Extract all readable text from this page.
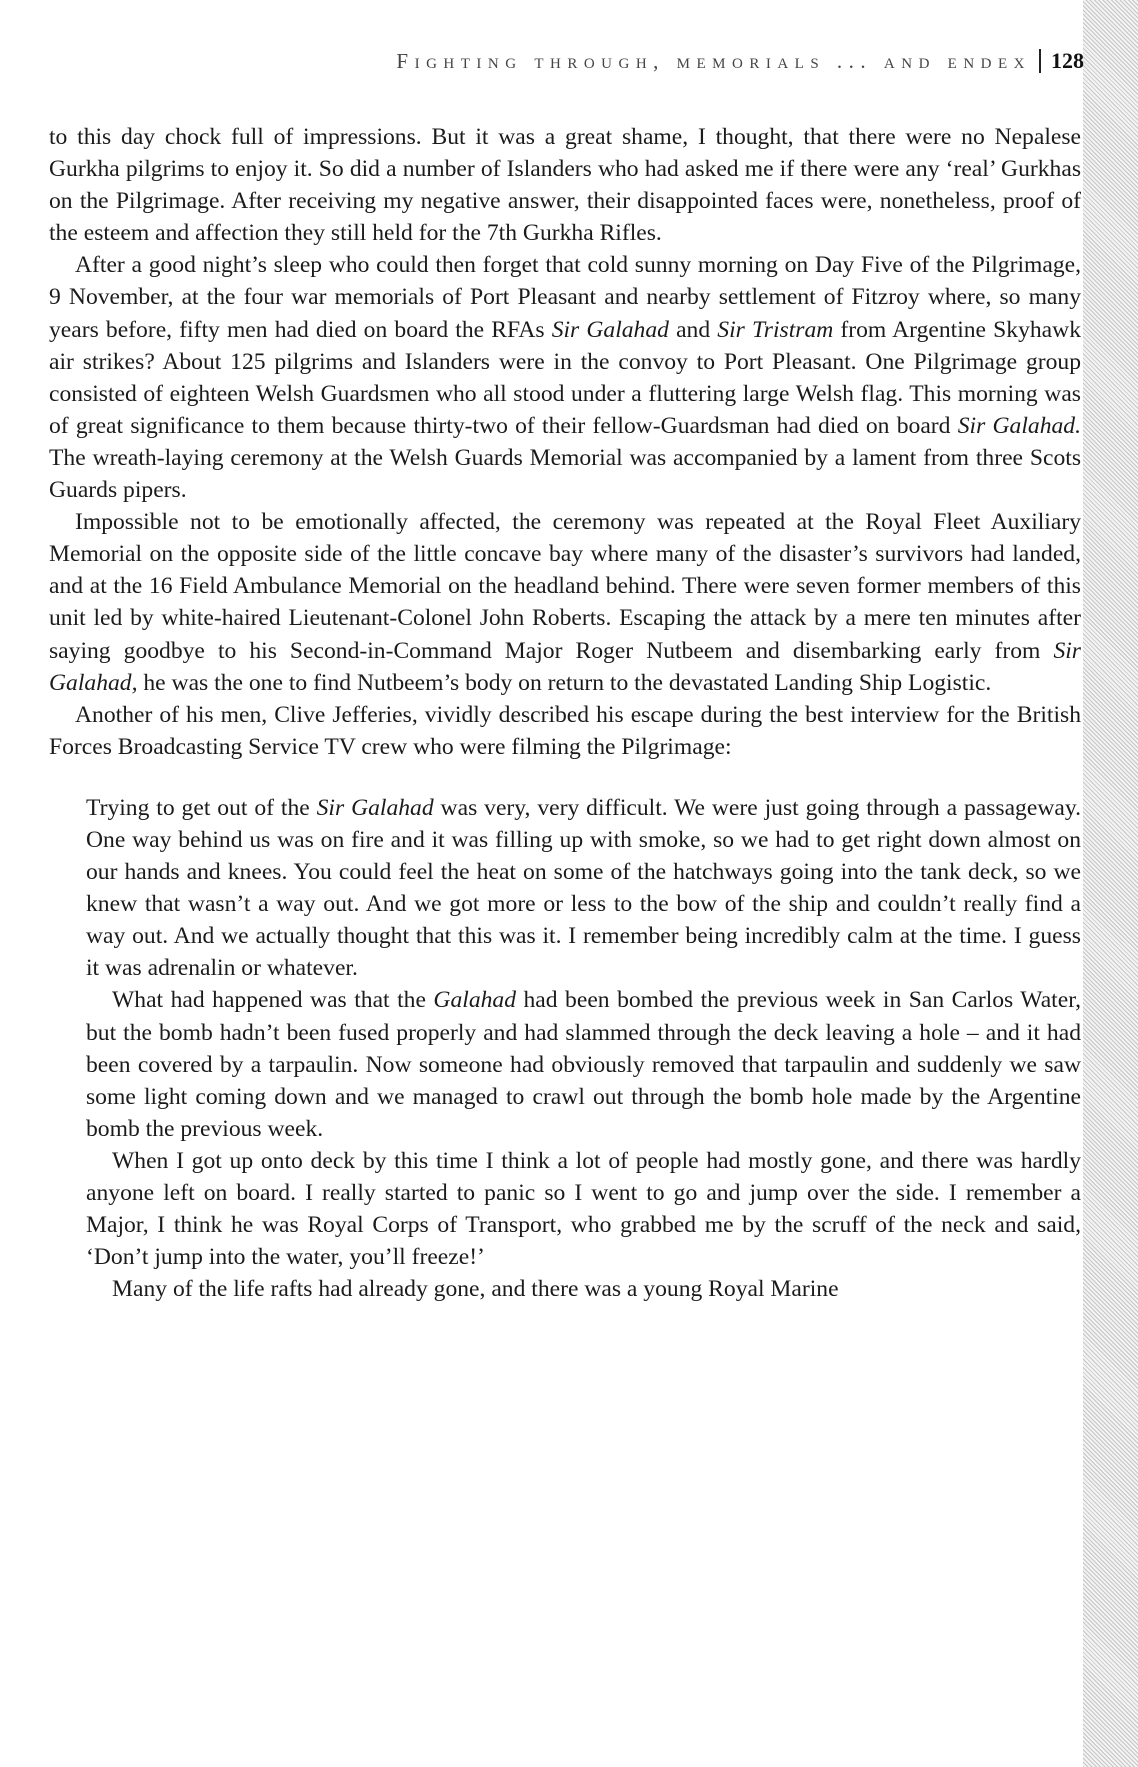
Fighting through, memorials ... and endex 128

to this day chock full of impressions. But it was a great shame, I thought, that there were no Nepalese Gurkha pilgrims to enjoy it. So did a number of Islanders who had asked me if there were any ‘real’ Gurkhas on the Pilgrimage. After receiving my negative answer, their disappointed faces were, nonetheless, proof of the esteem and affection they still held for the 7th Gurkha Rifles.

After a good night’s sleep who could then forget that cold sunny morning on Day Five of the Pilgrimage, 9 November, at the four war memorials of Port Pleasant and nearby settlement of Fitzroy where, so many years before, fifty men had died on board the RFAs Sir Galahad and Sir Tristram from Argentine Skyhawk air strikes? About 125 pilgrims and Islanders were in the convoy to Port Pleasant. One Pilgrimage group consisted of eighteen Welsh Guardsmen who all stood under a fluttering large Welsh flag. This morning was of great significance to them because thirty-two of their fellow-Guardsman had died on board Sir Galahad. The wreath-laying ceremony at the Welsh Guards Memorial was accompanied by a lament from three Scots Guards pipers.

Impossible not to be emotionally affected, the ceremony was repeated at the Royal Fleet Auxiliary Memorial on the opposite side of the little concave bay where many of the disaster’s survivors had landed, and at the 16 Field Ambulance Memorial on the headland behind. There were seven former members of this unit led by white-haired Lieutenant-Colonel John Roberts. Escaping the attack by a mere ten minutes after saying goodbye to his Second-in-Command Major Roger Nutbeem and disembarking early from Sir Galahad, he was the one to find Nutbeem’s body on return to the devastated Landing Ship Logistic.

Another of his men, Clive Jefferies, vividly described his escape during the best interview for the British Forces Broadcasting Service TV crew who were filming the Pilgrimage:

Trying to get out of the Sir Galahad was very, very difficult. We were just going through a passageway. One way behind us was on fire and it was filling up with smoke, so we had to get right down almost on our hands and knees. You could feel the heat on some of the hatchways going into the tank deck, so we knew that wasn’t a way out. And we got more or less to the bow of the ship and couldn’t really find a way out. And we actually thought that this was it. I remember being incredibly calm at the time. I guess it was adrenalin or whatever.

What had happened was that the Galahad had been bombed the previous week in San Carlos Water, but the bomb hadn’t been fused properly and had slammed through the deck leaving a hole – and it had been covered by a tarpaulin. Now someone had obviously removed that tarpaulin and suddenly we saw some light coming down and we managed to crawl out through the bomb hole made by the Argentine bomb the previous week.

When I got up onto deck by this time I think a lot of people had mostly gone, and there was hardly anyone left on board. I really started to panic so I went to go and jump over the side. I remember a Major, I think he was Royal Corps of Transport, who grabbed me by the scruff of the neck and said, ‘Don’t jump into the water, you’ll freeze!’

Many of the life rafts had already gone, and there was a young Royal Marine
